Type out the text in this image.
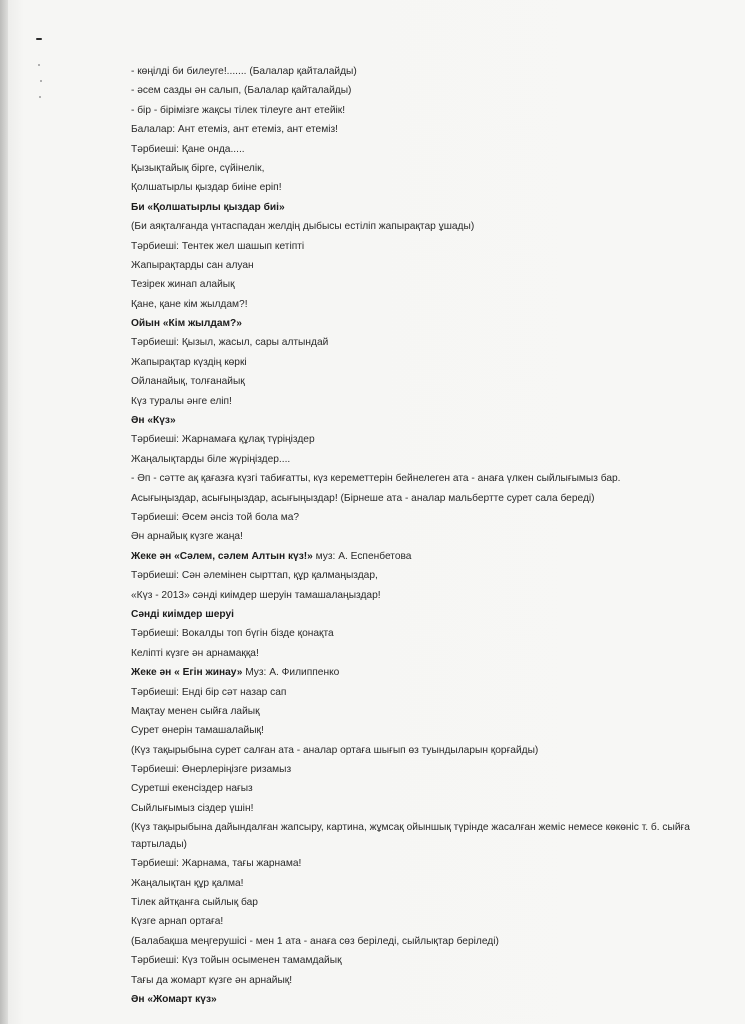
- көңілді би билеуге!....... (Балалар қайталайды)
- әсем сазды ән салып, (Балалар қайталайды)
- бір - бірімізге жақсы тілек тілеуге ант етейік!
Балалар: Ант етеміз, ант етеміз, ант етеміз!
Тәрбиеші: Қане онда.....
Қызықтайық бірге, сүйінелік,
Қолшатырлы қыздар биіне еріп!
Би «Қолшатырлы қыздар биі»
(Би аяқталғанда үнтаспадан желдің дыбысы естіліп жапырақтар ұшады)
Тәрбиеші: Тентек жел шашып кетіпті
Жапырақтарды сан алуан
Тезірек жинап алайық
Қане, қане кім жылдам?!
Ойын «Кім жылдам?»
Тәрбиеші: Қызыл, жасыл, сары алтындай
Жапырақтар күздің көркі
Ойланайық, толғанайық
Күз туралы әнге еліп!
Ән «Күз»
Тәрбиеші: Жарнамаға құлақ түріңіздер
Жаңалықтарды біле жүріңіздер....
- Әп - сәтте ақ қағазға күзгі табиғатты, күз кереметтерін бейнелеген ата - анаға үлкен сыйлығымыз бар.
Асығыңыздар, асығыңыздар, асығыңыздар! (Бірнеше ата - аналар мальбертте сурет сала береді)
Тәрбиеші: Әсем әнсіз той бола ма?
Ән арнайық күзге жаңа!
Жеке ән «Сәлем, сәлем Алтын күз!» муз: А. Еспенбетова
Тәрбиеші: Сән әлемінен сырттап, құр қалмаңыздар,
«Күз - 2013» сәнді киімдер шеруін тамашалаңыздар!
Сәнді киімдер шеруі
Тәрбиеші: Вокалды топ бүгін бізде қонақта
Келіпті күзге ән арнамаққа!
Жеке ән « Егін жинау» Муз: А. Филиппенко
Тәрбиеші: Енді бір сәт назар сап
Мақтау менен сыйға лайық
Сурет өнерін тамашалайық!
(Күз тақырыбына сурет салған ата - аналар ортаға шығып өз туындыларын қорғайды)
Тәрбиеші: Өнерлеріңізге ризамыз
Суретші екенсіздер нағыз
Сыйлығымыз сіздер үшін!
(Күз тақырыбына дайындалған жапсыру, картина, жұмсақ ойыншық түрінде жасалған жеміс немесе көкөніс т. б. сыйға тартылады)
Тәрбиеші: Жарнама, тағы жарнама!
Жаңалықтан құр қалма!
Тілек айтқанға сыйлық бар
Күзге арнап ортаға!
(Балабақша меңгерушісі - мен 1 ата - анаға сөз беріледі, сыйлықтар беріледі)
Тәрбиеші: Күз тойын осыменен тамамдайық
Тағы да жомарт күзге ән арнайық!
Ән «Жомарт күз»
